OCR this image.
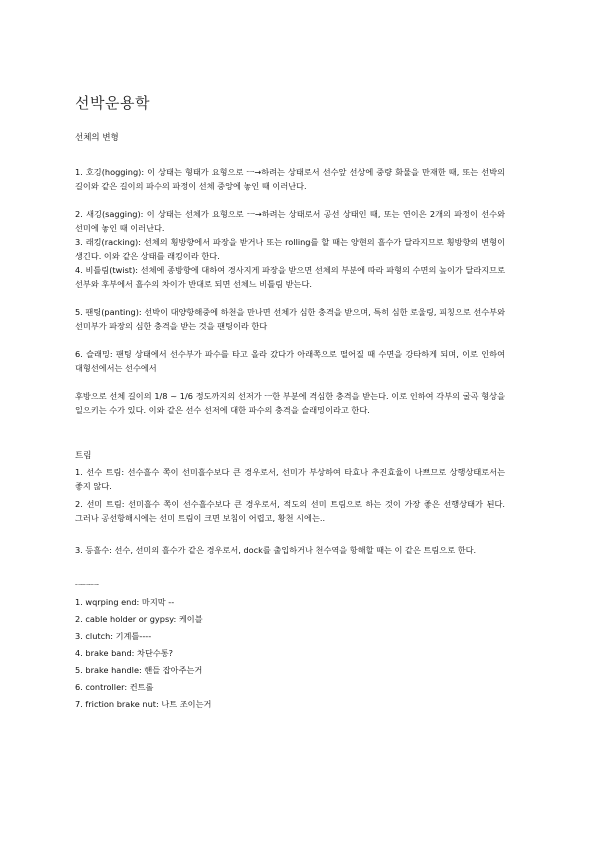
선박운용학
선체의 변형

1. 호깅(hogging): 이 상태는 형태가 요형으로 ㅡ→하려는 상태로서 선수앞 선상에 중량 화물을 만재한 때, 또는 선박의 길이와 같은 길이의 파수의 파정이 선체 중앙에 놓인 때 이러난다.

2. 새깅(sagging): 이 상태는 선체가 요형으로 ㅡ→하려는 상태로서 공선 상태인 때, 또는 연이은 2개의 파정이 선수와 선미에 놓인 때 이러난다.

3. 래킹(racking): 선체의 횡방향에서 파장을 받거나 또는 rolling를 할 때는 양현의 흘수가 달라지므로 횡방향의 변형이 생긴다. 이와 같은 상태를 래킹이라 한다.

4. 비틀림(twist): 선체에 종방향에 대하여 경사지게 파장을 받으면 선체의 부분에 따라 파형의 수면의 높이가 달라지므로 선부와 후부에서 흘수의 차이가 반대로 되면 선체느 비틀림 받는다.

5. 팬팅(panting): 선박이 대양항해중에 하천을 만나면 선체가 심한 충격을 받으며, 특히 심한 로울링, 피칭으로 선수부와 선미부가 파장의 심한 충격을 받는 것을 팬팅이라 한다

6. 슬래밍: 팬팅 상태에서 선수부가 파수를 타고 올라 갔다가 아래쪽으로 떨어질 때 수면을 강타하게 되며, 이로 인하여 대형선에서는 선수에서

후방으로 선체 길이의 1/8 ~ 1/6 정도까지의 선저가 ㅡ한 부분에 격심한 충격을 받는다. 이로 인하여 각부의 굴곡 형상을 일으키는 수가 있다. 이와 같은 선수 선저에 대한 파수의 충격을 슬래밍이라고 한다.

트림

1. 선수 트림: 선수흘수 쪽이 선미흘수보다 큰 경우로서, 선미가 부상하여 타효나 추진효율이 나쁘므로 상행상태로서는 좋지 않다.

2. 선미 트림: 선미흘수 쪽이 선수흘수보다 큰 경우로서, 적도의 선미 트림으로 하는 것이 가장 좋은 선행상태가 된다. 그러나 공선항해시에는 선미 트림이 크면 보침이 어렵고, 황천 시에는..

3. 등흘수: 선수, 선미의 흘수가 같은 경우로서, dock를 출입하거나 천수역을 항해할 때는 이 같은 트림으로 한다.

ㅡㅡㅡ
1. wqrping end: 마지막 --
2. cable holder or gypsy: 케이블
3. clutch: 기계틀----
4. brake band: 차단수통?
5. brake handle: 핸들 잡아주는거
6. controller: 컨트롤
7. friction brake nut: 나트 조이는거
